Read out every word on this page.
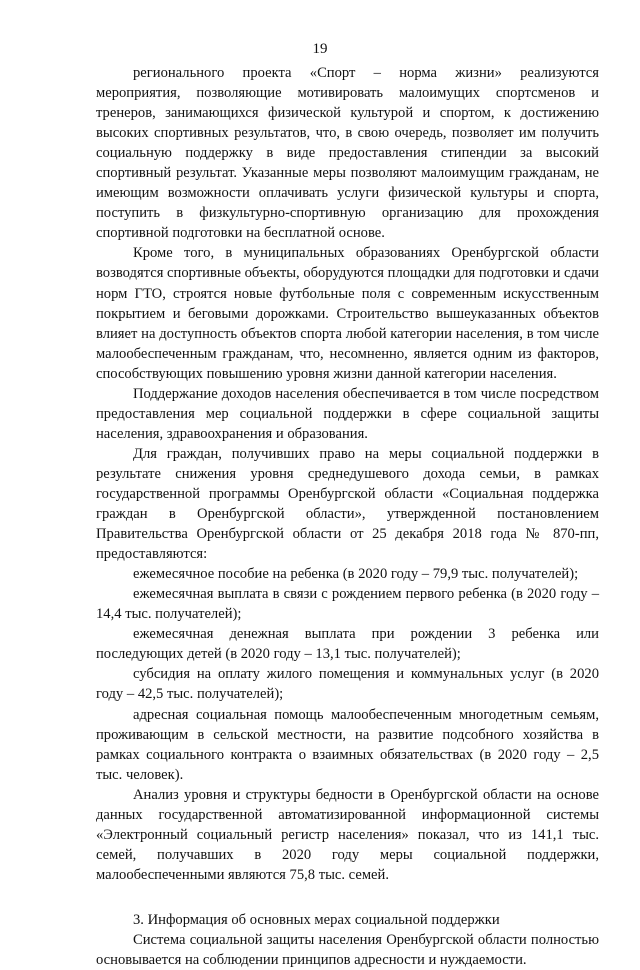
19

регионального проекта «Спорт – норма жизни» реализуются мероприятия, позволяющие мотивировать малоимущих спортсменов и тренеров, занимающихся физической культурой и спортом, к достижению высоких спортивных результатов, что, в свою очередь, позволяет им получить социальную поддержку в виде предоставления стипендии за высокий спортивный результат. Указанные меры позволяют малоимущим гражданам, не имеющим возможности оплачивать услуги физической культуры и спорта, поступить в физкультурно-спортивную организацию для прохождения спортивной подготовки на бесплатной основе.

Кроме того, в муниципальных образованиях Оренбургской области возводятся спортивные объекты, оборудуются площадки для подготовки и сдачи норм ГТО, строятся новые футбольные поля с современным искусственным покрытием и беговыми дорожками. Строительство вышеуказанных объектов влияет на доступность объектов спорта любой категории населения, в том числе малообеспеченным гражданам, что, несомненно, является одним из факторов, способствующих повышению уровня жизни данной категории населения.

Поддержание доходов населения обеспечивается в том числе посредством предоставления мер социальной поддержки в сфере социальной защиты населения, здравоохранения и образования.

Для граждан, получивших право на меры социальной поддержки в результате снижения уровня среднедушевого дохода семьи, в рамках государственной программы Оренбургской области «Социальная поддержка граждан в Оренбургской области», утвержденной постановлением Правительства Оренбургской области от 25 декабря 2018 года № 870-пп, предоставляются:

ежемесячное пособие на ребенка (в 2020 году – 79,9 тыс. получателей);

ежемесячная выплата в связи с рождением первого ребенка (в 2020 году – 14,4 тыс. получателей);

ежемесячная денежная выплата при рождении 3 ребенка или последующих детей (в 2020 году – 13,1 тыс. получателей);

субсидия на оплату жилого помещения и коммунальных услуг (в 2020 году – 42,5 тыс. получателей);

адресная социальная помощь малообеспеченным многодетным семьям, проживающим в сельской местности, на развитие подсобного хозяйства в рамках социального контракта о взаимных обязательствах (в 2020 году – 2,5 тыс. человек).

Анализ уровня и структуры бедности в Оренбургской области на основе данных государственной автоматизированной информационной системы «Электронный социальный регистр населения» показал, что из 141,1 тыс. семей, получавших в 2020 году меры социальной поддержки, малообеспеченными являются 75,8 тыс. семей.

3. Информация об основных мерах социальной поддержки

Система социальной защиты населения Оренбургской области полностью основывается на соблюдении принципов адресности и нуждаемости.
